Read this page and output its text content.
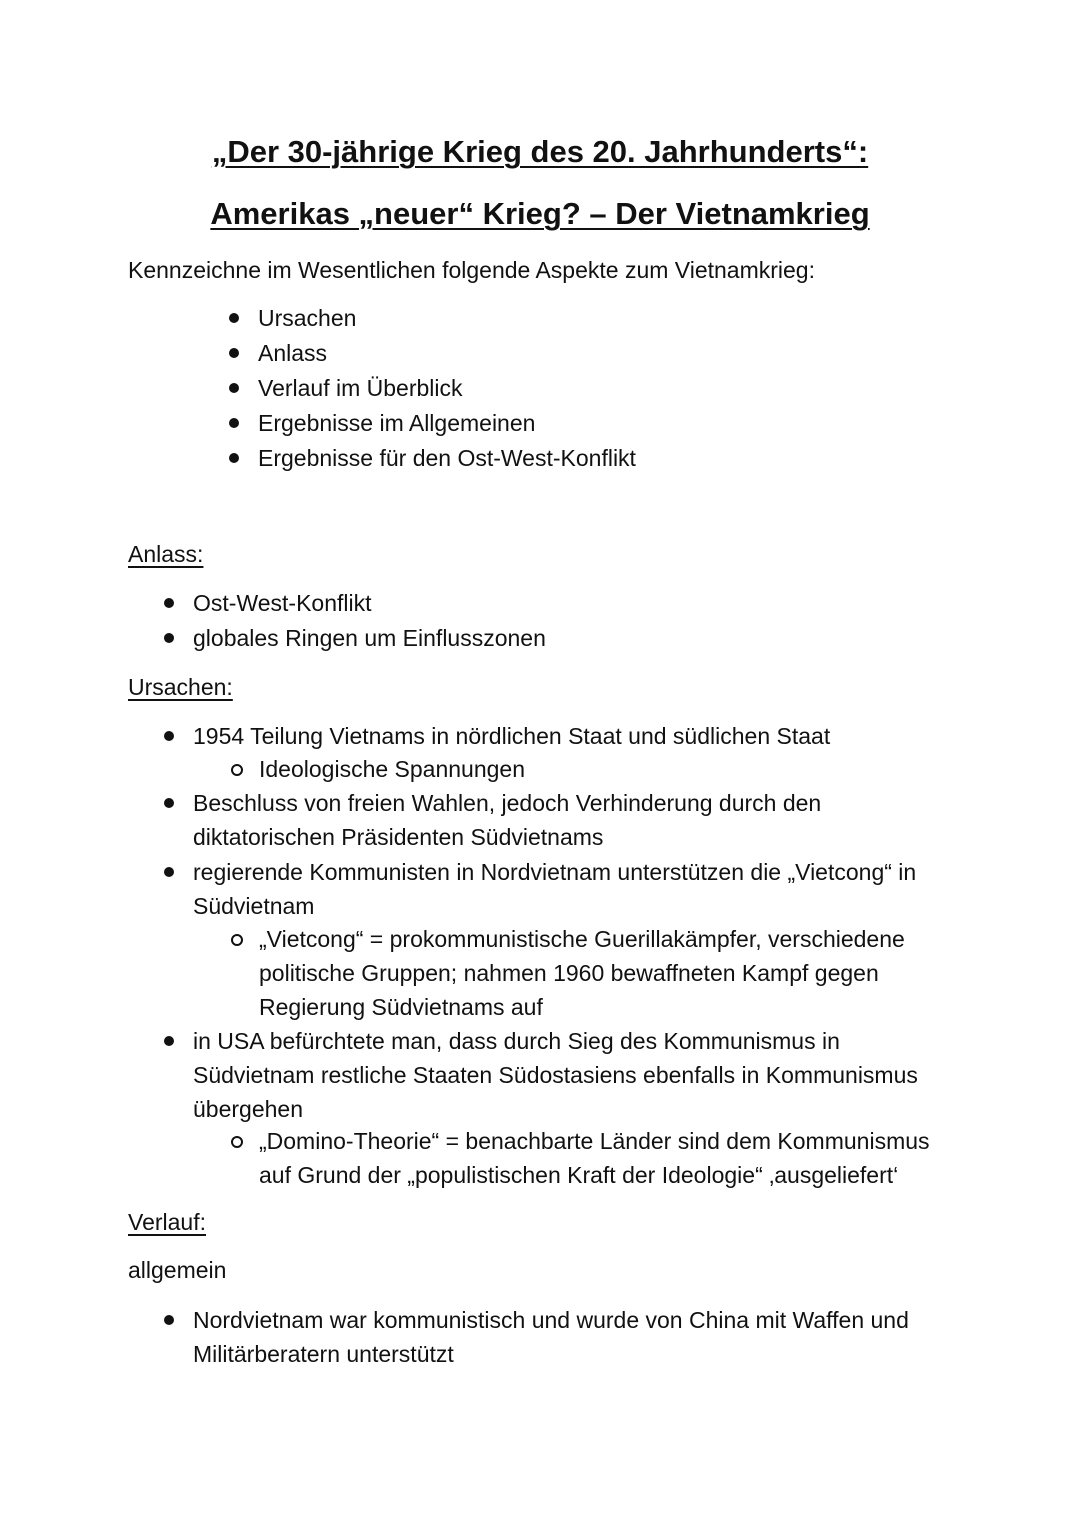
„Der 30-jährige Krieg des 20. Jahrhunderts“:
Amerikas „neuer“ Krieg? – Der Vietnamkrieg
Kennzeichne im Wesentlichen folgende Aspekte zum Vietnamkrieg:
Ursachen
Anlass
Verlauf im Überblick
Ergebnisse im Allgemeinen
Ergebnisse für den Ost-West-Konflikt
Anlass:
Ost-West-Konflikt
globales Ringen um Einflusszonen
Ursachen:
1954 Teilung Vietnams in nördlichen Staat und südlichen Staat
Ideologische Spannungen
Beschluss von freien Wahlen, jedoch Verhinderung durch den diktatorischen Präsidenten Südvietnams
regierende Kommunisten in Nordvietnam unterstützen die „Vietcong“ in Südvietnam
„Vietcong“ = prokommunistische Guerillakämpfer, verschiedene politische Gruppen; nahmen 1960 bewaffneten Kampf gegen Regierung Südvietnams auf
in USA befürchtete man, dass durch Sieg des Kommunismus in Südvietnam restliche Staaten Südostasiens ebenfalls in Kommunismus übergehen
„Domino-Theorie“ = benachbarte Länder sind dem Kommunismus auf Grund der „populistischen Kraft der Ideologie“ ‚ausgeliefert‘
Verlauf:
allgemein
Nordvietnam war kommunistisch und wurde von China mit Waffen und Militärberatern unterstützt
